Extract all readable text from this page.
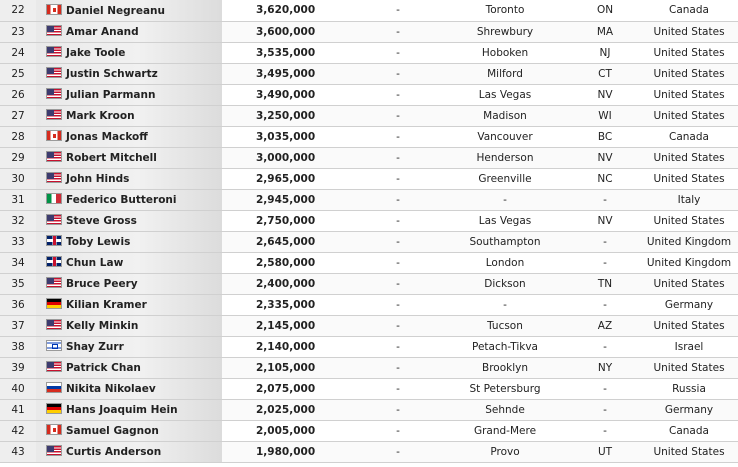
22	Daniel Negreanu	3,620,000	-	Toronto	ON	Canada
23	Amar Anand	3,600,000	-	Shrewbury	MA	United States
24	Jake Toole	3,535,000	-	Hoboken	NJ	United States
25	Justin Schwartz	3,495,000	-	Milford	CT	United States
26	Julian Parmann	3,490,000	-	Las Vegas	NV	United States
27	Mark Kroon	3,250,000	-	Madison	WI	United States
28	Jonas Mackoff	3,035,000	-	Vancouver	BC	Canada
29	Robert Mitchell	3,000,000	-	Henderson	NV	United States
30	John Hinds	2,965,000	-	Greenville	NC	United States
31	Federico Butteroni	2,945,000	-	-	-	Italy
32	Steve Gross	2,750,000	-	Las Vegas	NV	United States
33	Toby Lewis	2,645,000	-	Southampton	-	United Kingdom
34	Chun Law	2,580,000	-	London	-	United Kingdom
35	Bruce Peery	2,400,000	-	Dickson	TN	United States
36	Kilian Kramer	2,335,000	-	-	-	Germany
37	Kelly Minkin	2,145,000	-	Tucson	AZ	United States
38	Shay Zurr	2,140,000	-	Petach-Tikva	-	Israel
39	Patrick Chan	2,105,000	-	Brooklyn	NY	United States
40	Nikita Nikolaev	2,075,000	-	St Petersburg	-	Russia
41	Hans Joaquim Hein	2,025,000	-	Sehnde	-	Germany
42	Samuel Gagnon	2,005,000	-	Grand-Mere	-	Canada
43	Curtis Anderson	1,980,000	-	Provo	UT	United States
